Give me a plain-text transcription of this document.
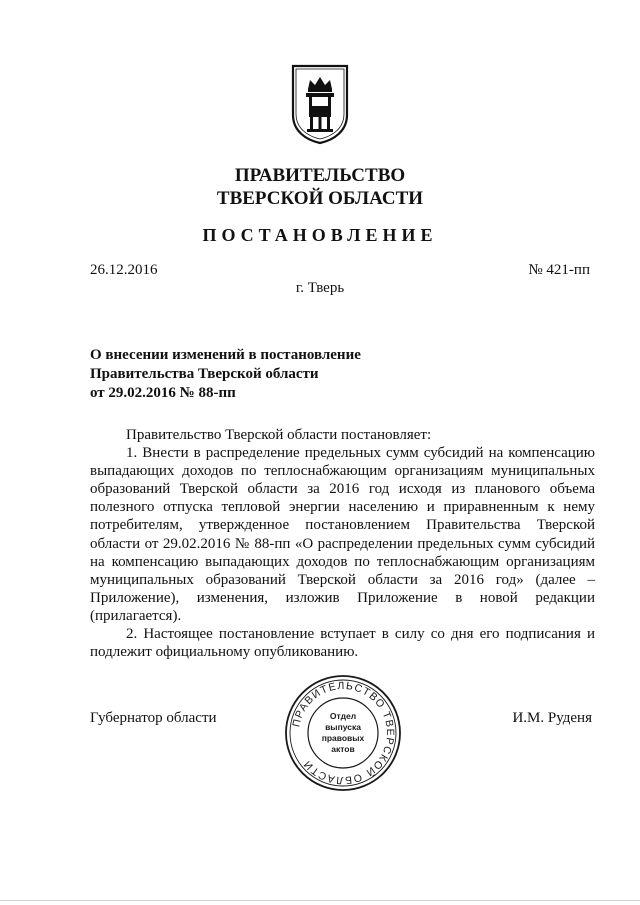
ПРАВИТЕЛЬСТВО
ТВЕРСКОЙ ОБЛАСТИ
ПОСТАНОВЛЕНИЕ
26.12.2016	№ 421-пп
г. Тверь
О внесении изменений в постановление
Правительства Тверской области
от 29.02.2016 № 88-пп
Правительство Тверской области постановляет:
1. Внести в распределение предельных сумм субсидий на компенсацию
выпадающих доходов по теплоснабжающим организациям муниципальных
образований Тверской области за 2016 год исходя из планового объема
полезного отпуска тепловой энергии населению и приравненным к нему
потребителям, утвержденное постановлением Правительства Тверской
области от 29.02.2016 № 88-пп «О распределении предельных сумм субсидий
на компенсацию выпадающих доходов по теплоснабжающим организациям
муниципальных образований Тверской области за 2016 год» (далее –
Приложение), изменения, изложив Приложение в новой редакции
(прилагается).
2. Настоящее постановление вступает в силу со дня его подписания и
подлежит официальному опубликованию.
Губернатор области	И.М. Руденя
ПРАВИТЕЛЬСТВО ТВЕРСКОЙ ОБЛАСТИ
Отдел
выпуска
правовых
актов
